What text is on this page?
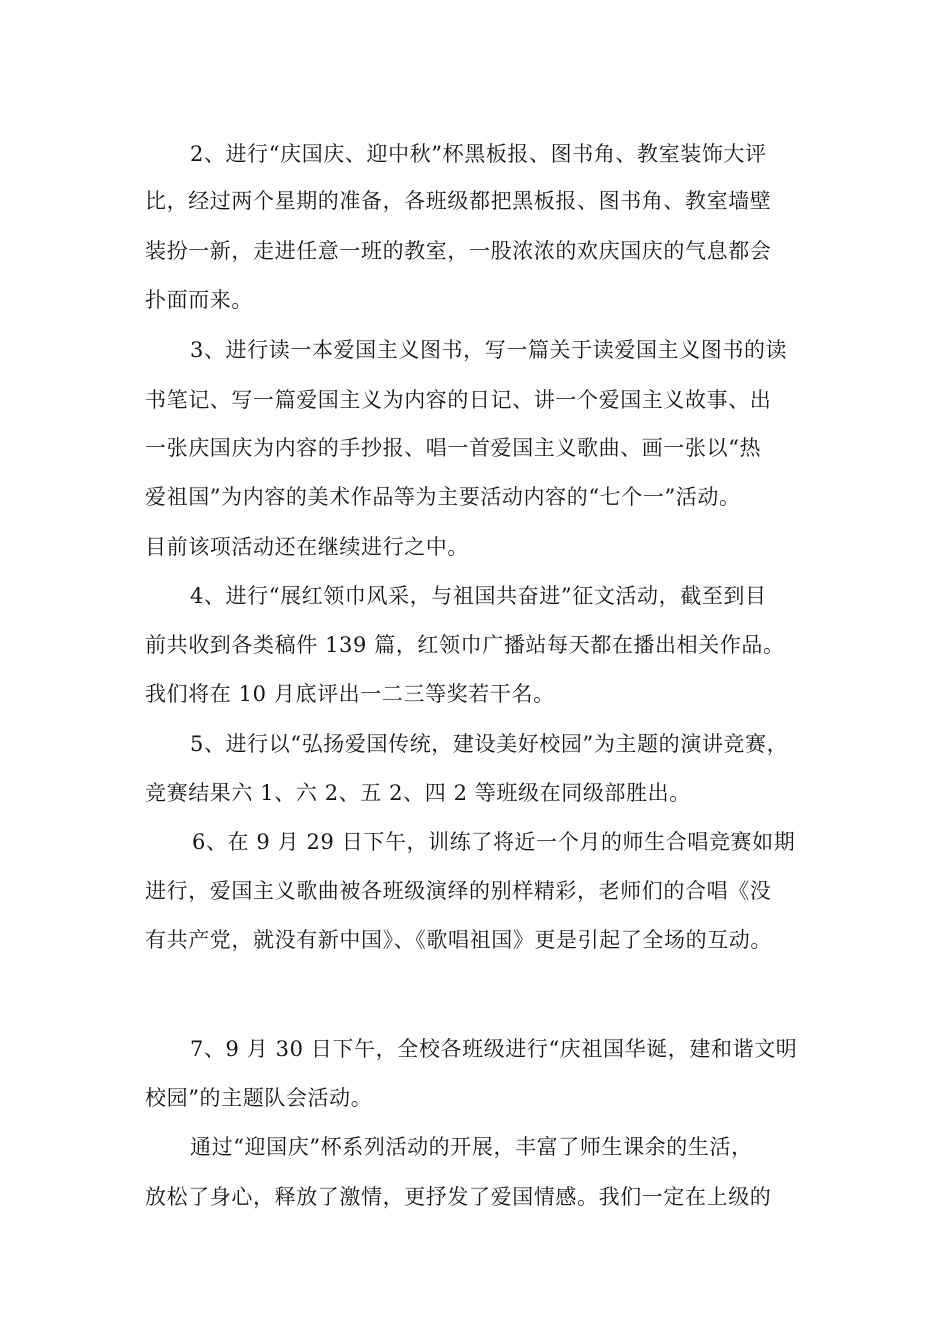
2、进行“庆国庆、迎中秋”杯黑板报、图书角、教室装饰大评
比，经过两个星期的准备，各班级都把黑板报、图书角、教室墙壁
装扮一新，走进任意一班的教室，一股浓浓的欢庆国庆的气息都会
扑面而来。
3、进行读一本爱国主义图书，写一篇关于读爱国主义图书的读
书笔记、写一篇爱国主义为内容的日记、讲一个爱国主义故事、出
一张庆国庆为内容的手抄报、唱一首爱国主义歌曲、画一张以“热
爱祖国”为内容的美术作品等为主要活动内容的“七个一”活动。
目前该项活动还在继续进行之中。
4、进行“展红领巾风采，与祖国共奋进”征文活动，截至到目
前共收到各类稿件 139 篇，红领巾广播站每天都在播出相关作品。
我们将在 10 月底评出一二三等奖若干名。
5、进行以“弘扬爱国传统，建设美好校园”为主题的演讲竞赛，
竞赛结果六 1、六 2、五 2、四 2 等班级在同级部胜出。
6、在 9 月 29 日下午，训练了将近一个月的师生合唱竞赛如期
进行，爱国主义歌曲被各班级演绎的别样精彩，老师们的合唱《没
有共产党，就没有新中国》、《歌唱祖国》更是引起了全场的互动。
7、9 月 30 日下午，全校各班级进行“庆祖国华诞，建和谐文明
校园”的主题队会活动。
通过“迎国庆”杯系列活动的开展，丰富了师生课余的生活，
放松了身心，释放了激情，更抒发了爱国情感。我们一定在上级的
